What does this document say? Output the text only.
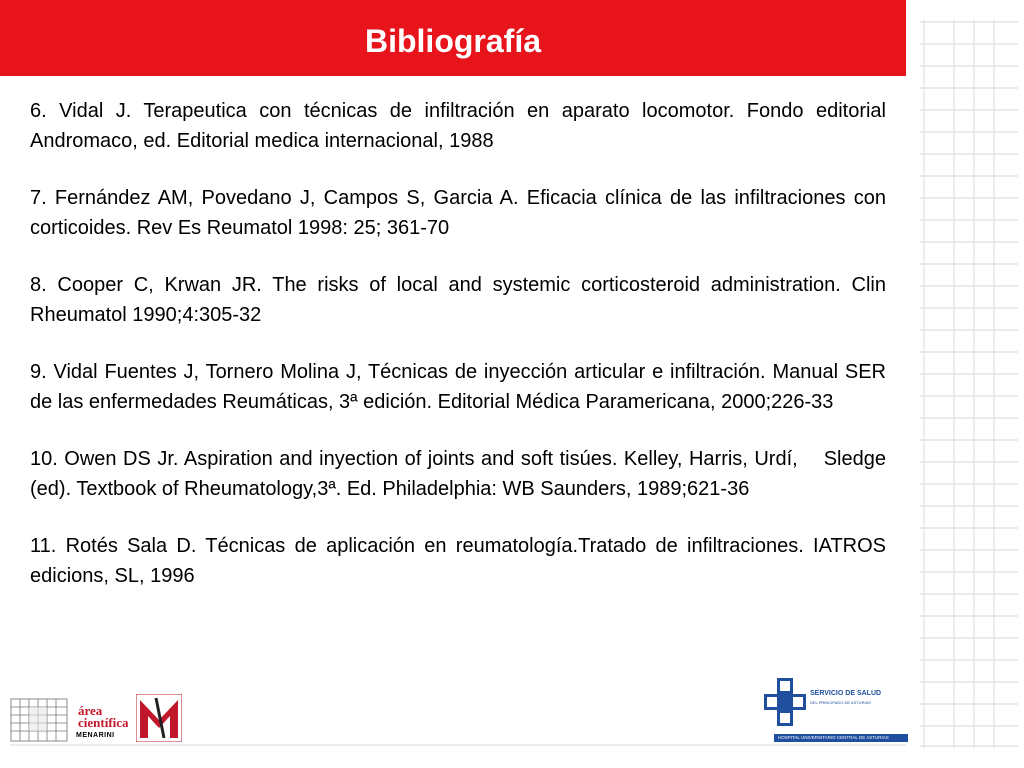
Bibliografía

6. Vidal J. Terapeutica con técnicas de infiltración en aparato locomotor. Fondo editorial Andromaco, ed. Editorial medica internacional, 1988

7. Fernández AM, Povedano J, Campos S, Garcia A. Eficacia clínica de las infiltraciones con corticoides. Rev Es Reumatol 1998: 25; 361-70

8. Cooper C, Krwan JR. The risks of local and systemic corticosteroid administration. Clin Rheumatol 1990;4:305-32

9. Vidal Fuentes J, Tornero Molina J, Técnicas de inyección articular e infiltración. Manual SER de las enfermedades Reumáticas, 3ª edición. Editorial Médica Paramericana, 2000;226-33

10. Owen DS Jr. Aspiration and inyection of joints and soft tisúes. Kelley, Harris, Urdí,    Sledge (ed). Textbook of Rheumatology,3ª. Ed. Philadelphia: WB Saunders, 1989;621-36

11. Rotés Sala D. Técnicas de aplicación en reumatología.Tratado de infiltraciones. IATROS edicions, SL, 1996

área
científica
MENARINI
SERVICIO DE SALUD
DEL PRINCIPADO DE ASTURIAS
HOSPITAL UNIVERSITARIO CENTRAL DE ASTURIAS
